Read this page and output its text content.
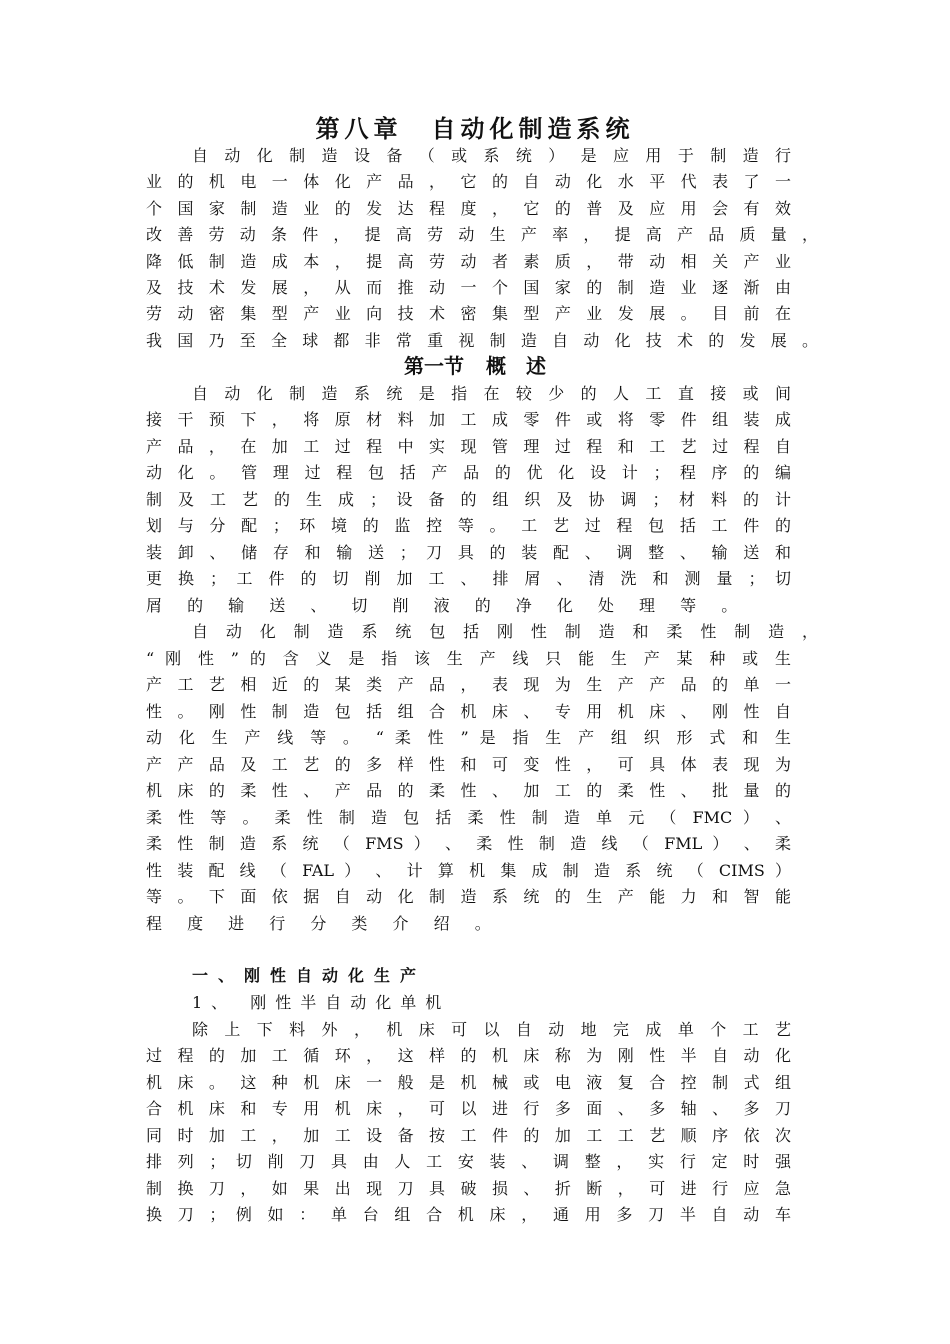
第八章　自动化制造系统
自 动 化 制 造 设 备 （ 或 系 统 ） 是 应 用 于 制 造 行
业 的 机 电 一 体 化 产 品 ， 它 的 自 动 化 水 平 代 表 了 一
个 国 家 制 造 业 的 发 达 程 度 ， 它 的 普 及 应 用 会 有 效
改 善 劳 动 条 件 ， 提 高 劳 动 生 产 率 ， 提 高 产 品 质 量 ，
降 低 制 造 成 本 ， 提 高 劳 动 者 素 质 ， 带 动 相 关 产 业
及 技 术 发 展 ， 从 而 推 动 一 个 国 家 的 制 造 业 逐 渐 由
劳 动 密 集 型 产 业 向 技 术 密 集 型 产 业 发 展 。 目 前 在
我 国 乃 至 全 球 都 非 常 重 视 制 造 自 动 化 技 术 的 发 展 。
第一节 概　述
自 动 化 制 造 系 统 是 指 在 较 少 的 人 工 直 接 或 间
接 干 预 下 ， 将 原 材 料 加 工 成 零 件 或 将 零 件 组 装 成
产 品 ， 在 加 工 过 程 中 实 现 管 理 过 程 和 工 艺 过 程 自
动 化 。 管 理 过 程 包 括 产 品 的 优 化 设 计 ； 程 序 的 编
制 及 工 艺 的 生 成 ； 设 备 的 组 织 及 协 调 ； 材 料 的 计
划 与 分 配 ； 环 境 的 监 控 等 。 工 艺 过 程 包 括 工 件 的
装 卸 、 储 存 和 输 送 ； 刀 具 的 装 配 、 调 整 、 输 送 和
更 换 ； 工 件 的 切 削 加 工 、 排 屑 、 清 洗 和 测 量 ； 切
屑 的 输 送 、 切 削 液 的 净 化 处 理 等 。
自 动 化 制 造 系 统 包 括 刚 性 制 造 和 柔 性 制 造 ，
“ 刚 性 ” 的 含 义 是 指 该 生 产 线 只 能 生 产 某 种 或 生
产 工 艺 相 近 的 某 类 产 品 ， 表 现 为 生 产 产 品 的 单 一
性 。 刚 性 制 造 包 括 组 合 机 床 、 专 用 机 床 、 刚 性 自
动 化 生 产 线 等 。 “ 柔 性 ” 是 指 生 产 组 织 形 式 和 生
产 产 品 及 工 艺 的 多 样 性 和 可 变 性 ， 可 具 体 表 现 为
机 床 的 柔 性 、 产 品 的 柔 性 、 加 工 的 柔 性 、 批 量 的
柔 性 等 。 柔 性 制 造 包 括 柔 性 制 造 单 元 （ FMC ） 、
柔 性 制 造 系 统 （ FMS ） 、 柔 性 制 造 线 （ FML ） 、 柔
性 装 配 线 （ FAL ） 、 计 算 机 集 成 制 造 系 统 （ CIMS ）
等 。 下 面 依 据 自 动 化 制 造 系 统 的 生 产 能 力 和 智 能
程 度 进 行 分 类 介 绍 。
一、刚性自动化生产
1、 刚性半自动化单机
除 上 下 料 外 ， 机 床 可 以 自 动 地 完 成 单 个 工 艺
过 程 的 加 工 循 环 ， 这 样 的 机 床 称 为 刚 性 半 自 动 化
机 床 。 这 种 机 床 一 般 是 机 械 或 电 液 复 合 控 制 式 组
合 机 床 和 专 用 机 床 ， 可 以 进 行 多 面 、 多 轴 、 多 刀
同 时 加 工 ， 加 工 设 备 按 工 件 的 加 工 工 艺 顺 序 依 次
排 列 ； 切 削 刀 具 由 人 工 安 装 、 调 整 ， 实 行 定 时 强
制 换 刀 ， 如 果 出 现 刀 具 破 损 、 折 断 ， 可 进 行 应 急
换 刀 ； 例 如 ： 单 台 组 合 机 床 ， 通 用 多 刀 半 自 动 车
